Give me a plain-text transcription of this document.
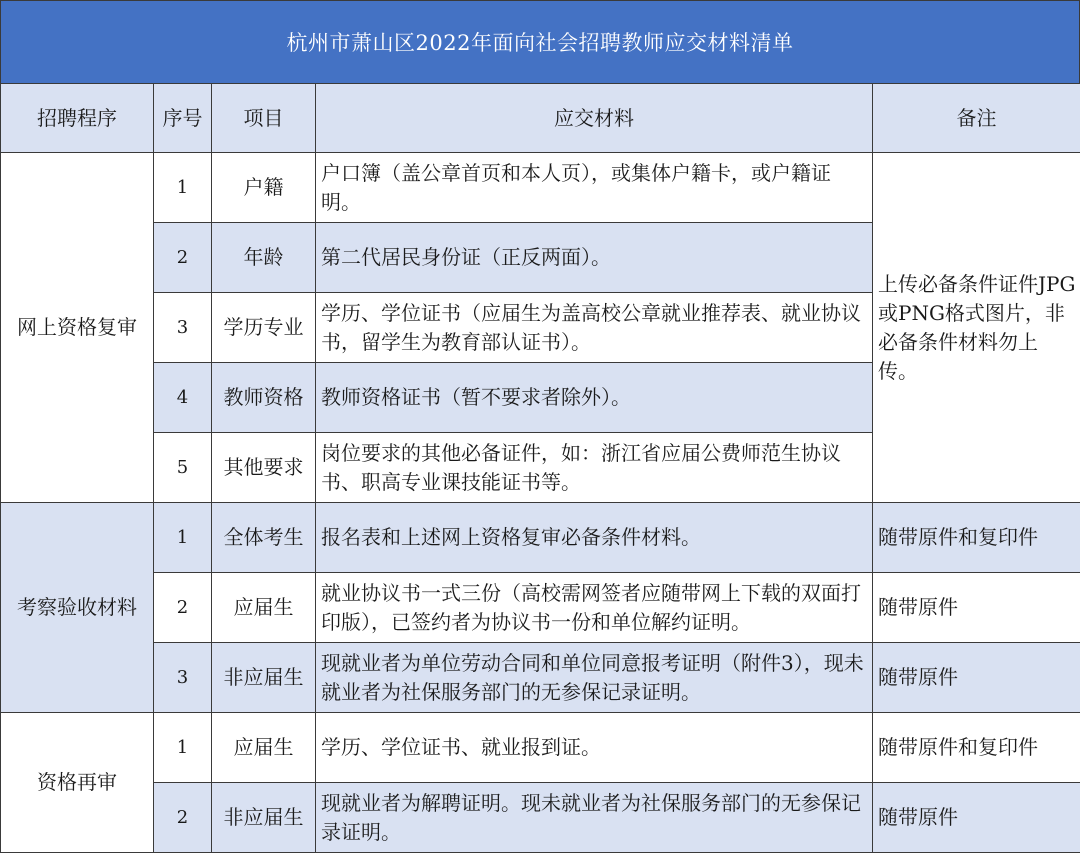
杭州市萧山区2022年面向社会招聘教师应交材料清单
招聘程序	序号	项目	应交材料	备注
网上资格复审	1	户籍	户口簿（盖公章首页和本人页），或集体户籍卡，或户籍证明。	上传必备条件证件JPG或PNG格式图片，非必备条件材料勿上传。
	2	年龄	第二代居民身份证（正反两面）。	
	3	学历专业	学历、学位证书（应届生为盖高校公章就业推荐表、就业协议书，留学生为教育部认证书）。	
	4	教师资格	教师资格证书（暂不要求者除外）。	
	5	其他要求	岗位要求的其他必备证件，如：浙江省应届公费师范生协议书、职高专业课技能证书等。	
考察验收材料	1	全体考生	报名表和上述网上资格复审必备条件材料。	随带原件和复印件
	2	应届生	就业协议书一式三份（高校需网签者应随带网上下载的双面打印版），已签约者为协议书一份和单位解约证明。	随带原件
	3	非应届生	现就业者为单位劳动合同和单位同意报考证明（附件3），现未就业者为社保服务部门的无参保记录证明。	随带原件
资格再审	1	应届生	学历、学位证书、就业报到证。	随带原件和复印件
	2	非应届生	现就业者为解聘证明。现未就业者为社保服务部门的无参保记录证明。	随带原件
